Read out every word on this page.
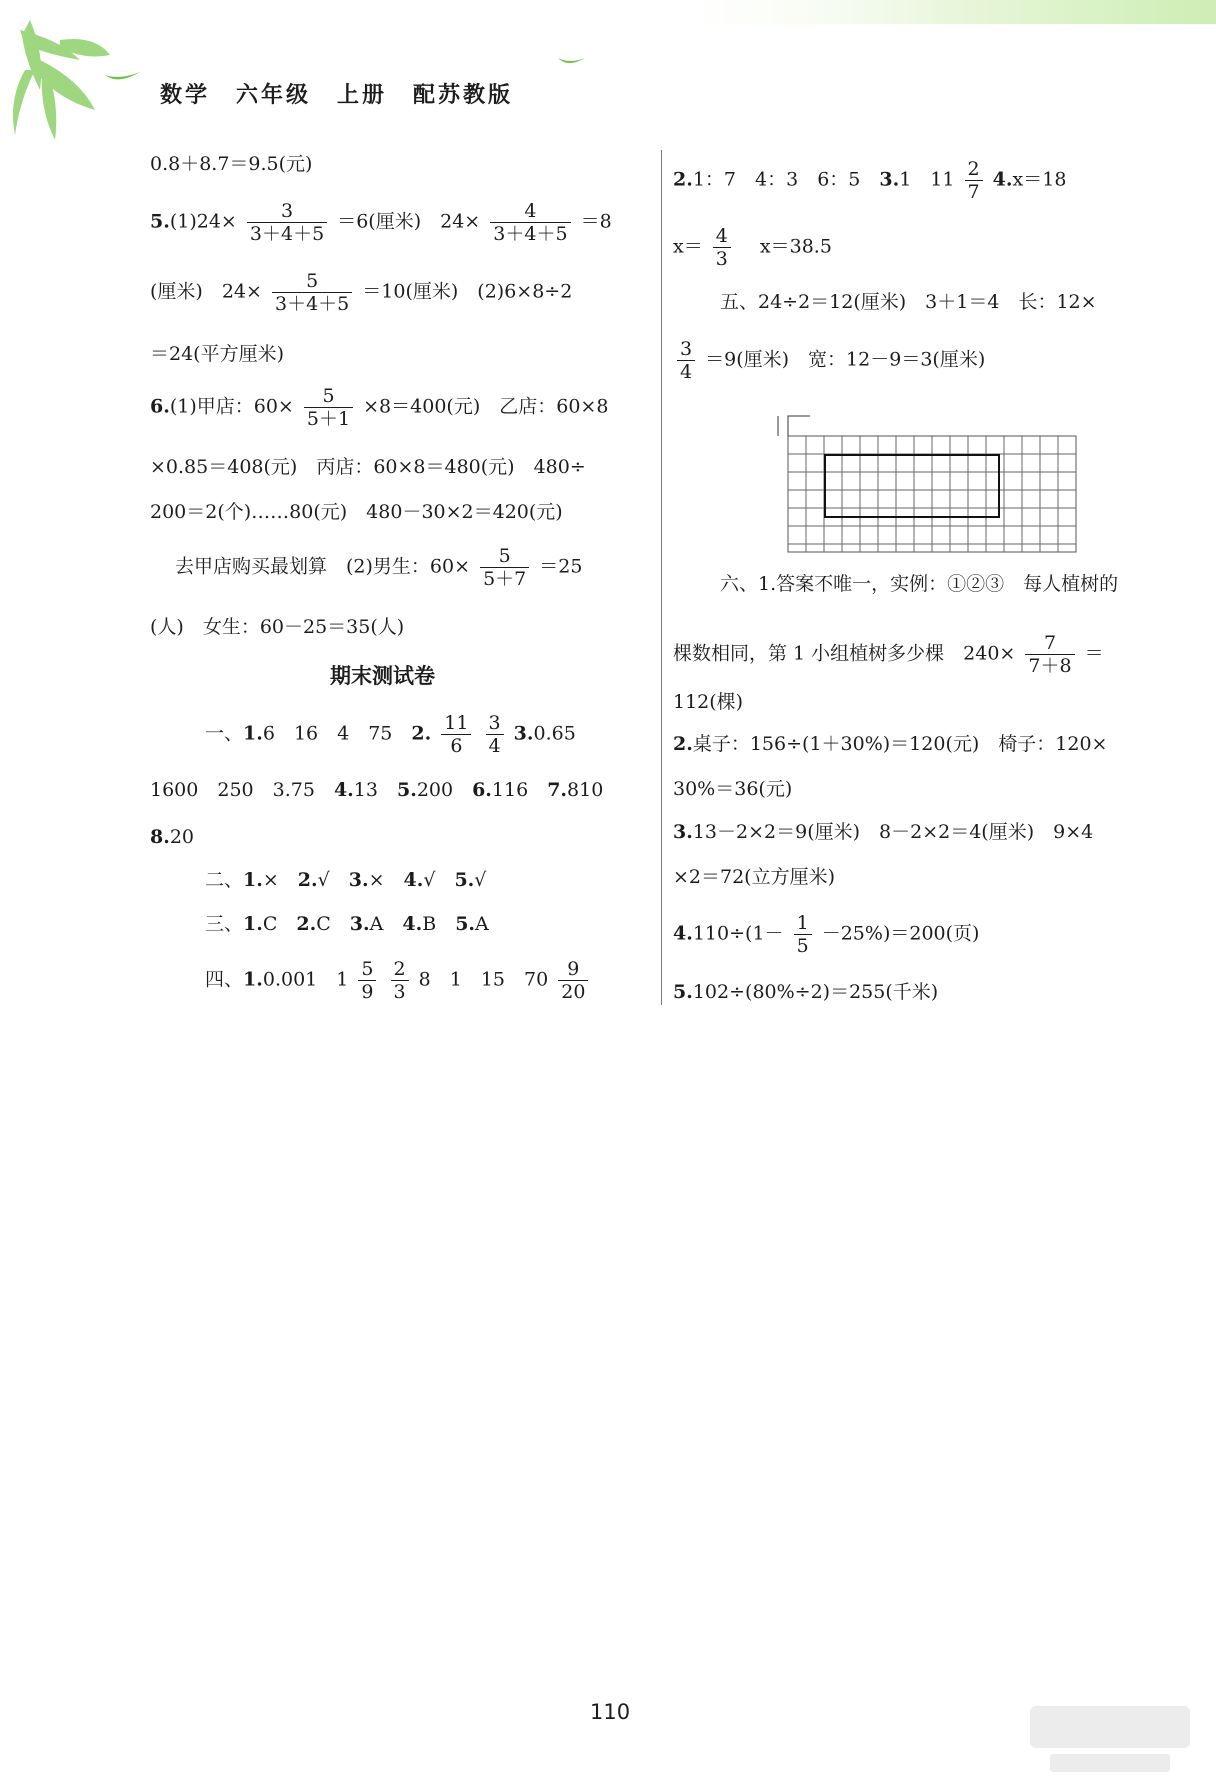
数学 六年级 上册 配苏教版
0.8＋8.7＝9.5(元)
$5.(1)24\times \frac{3}{3+4+5} =6$(厘米)　$24\times \frac{4}{3+4+5} =8$
(厘米)　$24\times \frac{5}{3+4+5} =10$(厘米)　(2)6×8÷2
＝24(平方厘米)
6.(1)甲店：$60\times \frac{5}{5+1} \times 8=400$(元)　乙店：60×8
×0.85＝408(元)　丙店：60×8＝480(元)　480÷
200＝2(个)……80(元)　480－30×2＝420(元)
去甲店购买最划算　(2)男生：$60\times \frac{5}{5+7} =25$
(人)　女生：60－25＝35(人)
期末测试卷
一、1.6　16　4　75　2. $\frac{11}{6}$
$\frac{3}{4} 3.0.65$
1600　250　3.75　4.13　5.200　6.116　7.810
8.20
二、1.×　2.√　3.×　4.√　5.√
三、1.C　2.C　3.A　4.B　5.A
四、1.0.001　$1 \frac{5}{9}$
$\frac{2}{3} 8$　1　15　$70 \frac{9}{20}$
2.1：7　4：3　6：5　3.1　$11 \frac{2}{7} 4.x=18$
$x= \frac{4}{3}$ 　x＝38.5
五、24÷2＝12(厘米)　3＋1＝4　长：12×
$\frac{3}{4} =9$(厘米)　宽：12－9＝3(厘米)
六、1.答案不唯一，实例：①②③　每人植树的
棵数相同，第 1 小组植树多少棵　$240\times \frac{7}{7+8}$ ＝
112(棵)
2.桌子：156÷(1＋30%)＝120(元)　椅子：120×
30%＝36(元)
3.13－2×2＝9(厘米)　8－2×2＝4(厘米)　9×4
×2＝72(立方厘米)
$4.110\div(1- \frac{1}{5} -25\%)=200$(页)
5.102÷(80%÷2)＝255(千米)
110
